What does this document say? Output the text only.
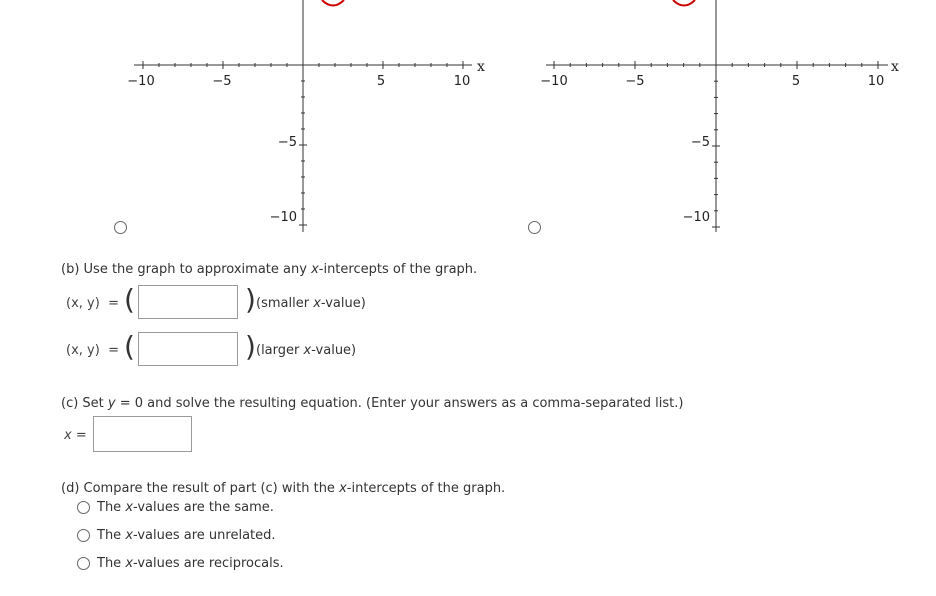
−10	−5	5	10
x
−5
−10
−10	−5	5	10
x
−5
−10
(b) Use the graph to approximate any x-intercepts of the graph.
(x, y) = (	) (smaller x-value)
(x, y) = (	) (larger x-value)
(c) Set y = 0 and solve the resulting equation. (Enter your answers as a comma-separated list.)
x =
(d) Compare the result of part (c) with the x-intercepts of the graph.
The x-values are the same.
The x-values are unrelated.
The x-values are reciprocals.
